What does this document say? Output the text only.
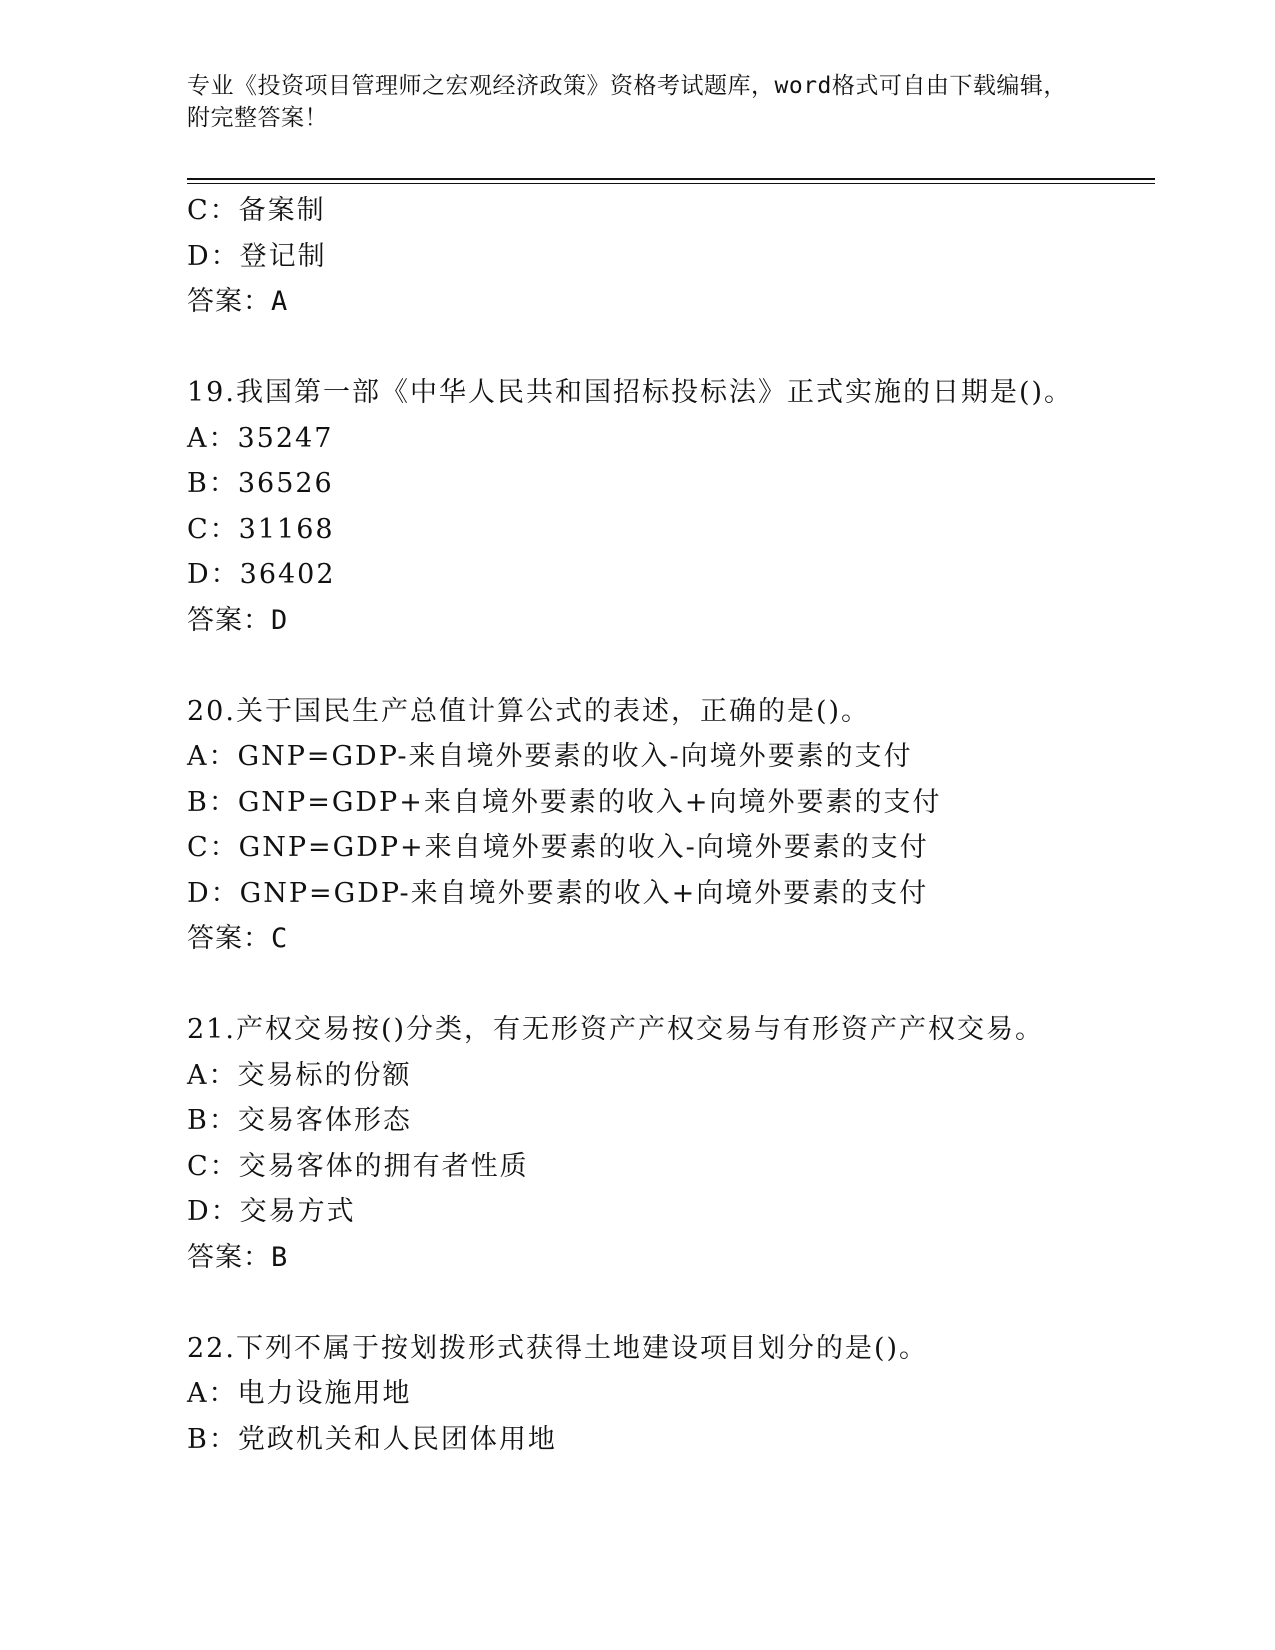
专业《投资项目管理师之宏观经济政策》资格考试题库，word格式可自由下载编辑，附完整答案！
C：备案制
D：登记制
答案：A
19.我国第一部《中华人民共和国招标投标法》正式实施的日期是()。
A：35247
B：36526
C：31168
D：36402
答案：D
20.关于国民生产总值计算公式的表述，正确的是()。
A：GNP=GDP-来自境外要素的收入-向境外要素的支付
B：GNP=GDP+来自境外要素的收入+向境外要素的支付
C：GNP=GDP+来自境外要素的收入-向境外要素的支付
D：GNP=GDP-来自境外要素的收入+向境外要素的支付
答案：C
21.产权交易按()分类，有无形资产产权交易与有形资产产权交易。
A：交易标的份额
B：交易客体形态
C：交易客体的拥有者性质
D：交易方式
答案：B
22.下列不属于按划拨形式获得土地建设项目划分的是()。
A：电力设施用地
B：党政机关和人民团体用地
